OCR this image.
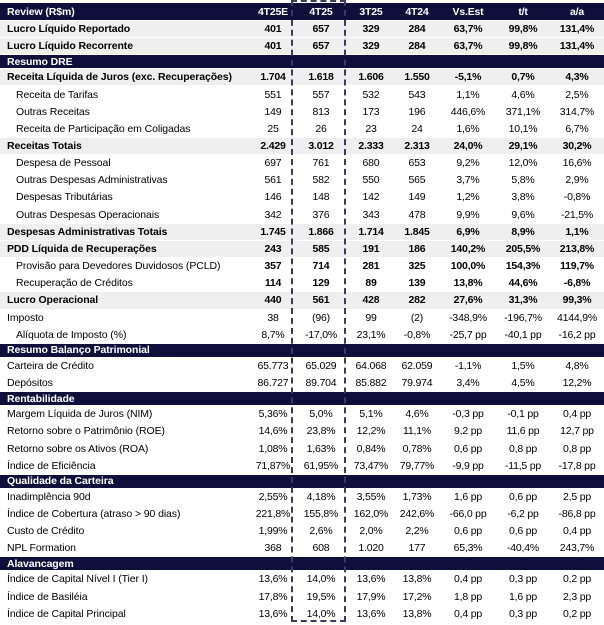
Review (R$m)	4T25E	4T25	3T25	4T24	Vs.Est	t/t	a/a
Lucro Líquido Reportado	401	657	329	284	63,7%	99,8%	131,4%
Lucro Líquido Recorrente	401	657	329	284	63,7%	99,8%	131,4%
Resumo DRE
Receita Líquida de Juros (exc. Recuperações)	1.704	1.618	1.606	1.550	-5,1%	0,7%	4,3%
Receita de Tarifas	551	557	532	543	1,1%	4,6%	2,5%
Outras Receitas	149	813	173	196	446,6%	371,1%	314,7%
Receita de Participação em Coligadas	25	26	23	24	1,6%	10,1%	6,7%
Receitas Totais	2.429	3.012	2.333	2.313	24,0%	29,1%	30,2%
Despesa de Pessoal	697	761	680	653	9,2%	12,0%	16,6%
Outras Despesas Administrativas	561	582	550	565	3,7%	5,8%	2,9%
Despesas Tributárias	146	148	142	149	1,2%	3,8%	-0,8%
Outras Despesas Operacionais	342	376	343	478	9,9%	9,6%	-21,5%
Despesas Administrativas Totais	1.745	1.866	1.714	1.845	6,9%	8,9%	1,1%
PDD Líquida de Recuperações	243	585	191	186	140,2%	205,5%	213,8%
Provisão para Devedores Duvidosos (PCLD)	357	714	281	325	100,0%	154,3%	119,7%
Recuperação de Créditos	114	129	89	139	13,8%	44,6%	-6,8%
Lucro Operacional	440	561	428	282	27,6%	31,3%	99,3%
Imposto	38	(96)	99	(2)	-348,9%	-196,7%	4144,9%
Alíquota de Imposto (%)	8,7%	-17,0%	23,1%	-0,8%	-25,7 pp	-40,1 pp	-16,2 pp
Resumo Balanço Patrimonial
Carteira de Crédito	65.773	65.029	64.068	62.059	-1,1%	1,5%	4,8%
Depósitos	86.727	89.704	85.882	79.974	3,4%	4,5%	12,2%
Rentabilidade
Margem Líquida de Juros (NIM)	5,36%	5,0%	5,1%	4,6%	-0,3 pp	-0,1 pp	0,4 pp
Retorno sobre o Patrimônio (ROE)	14,6%	23,8%	12,2%	11,1%	9,2 pp	11,6 pp	12,7 pp
Retorno sobre os Ativos (ROA)	1,08%	1,63%	0,84%	0,78%	0,6 pp	0,8 pp	0,8 pp
Índice de Eficiência	71,87%	61,95%	73,47%	79,77%	-9,9 pp	-11,5 pp	-17,8 pp
Qualidade da Carteira
Inadimplência 90d	2,55%	4,18%	3,55%	1,73%	1,6 pp	0,6 pp	2,5 pp
Índice de Cobertura (atraso > 90 dias)	221,8%	155,8%	162,0%	242,6%	-66,0 pp	-6,2 pp	-86,8 pp
Custo de Crédito	1,99%	2,6%	2,0%	2,2%	0,6 pp	0,6 pp	0,4 pp
NPL Formation	368	608	1.020	177	65,3%	-40,4%	243,7%
Alavancagem
Índice de Capital Nível I (Tier I)	13,6%	14,0%	13,6%	13,8%	0,4 pp	0,3 pp	0,2 pp
Índice de Basiléia	17,8%	19,5%	17,9%	17,2%	1,8 pp	1,6 pp	2,3 pp
Índice de Capital Principal	13,6%	14,0%	13,6%	13,8%	0,4 pp	0,3 pp	0,2 pp
